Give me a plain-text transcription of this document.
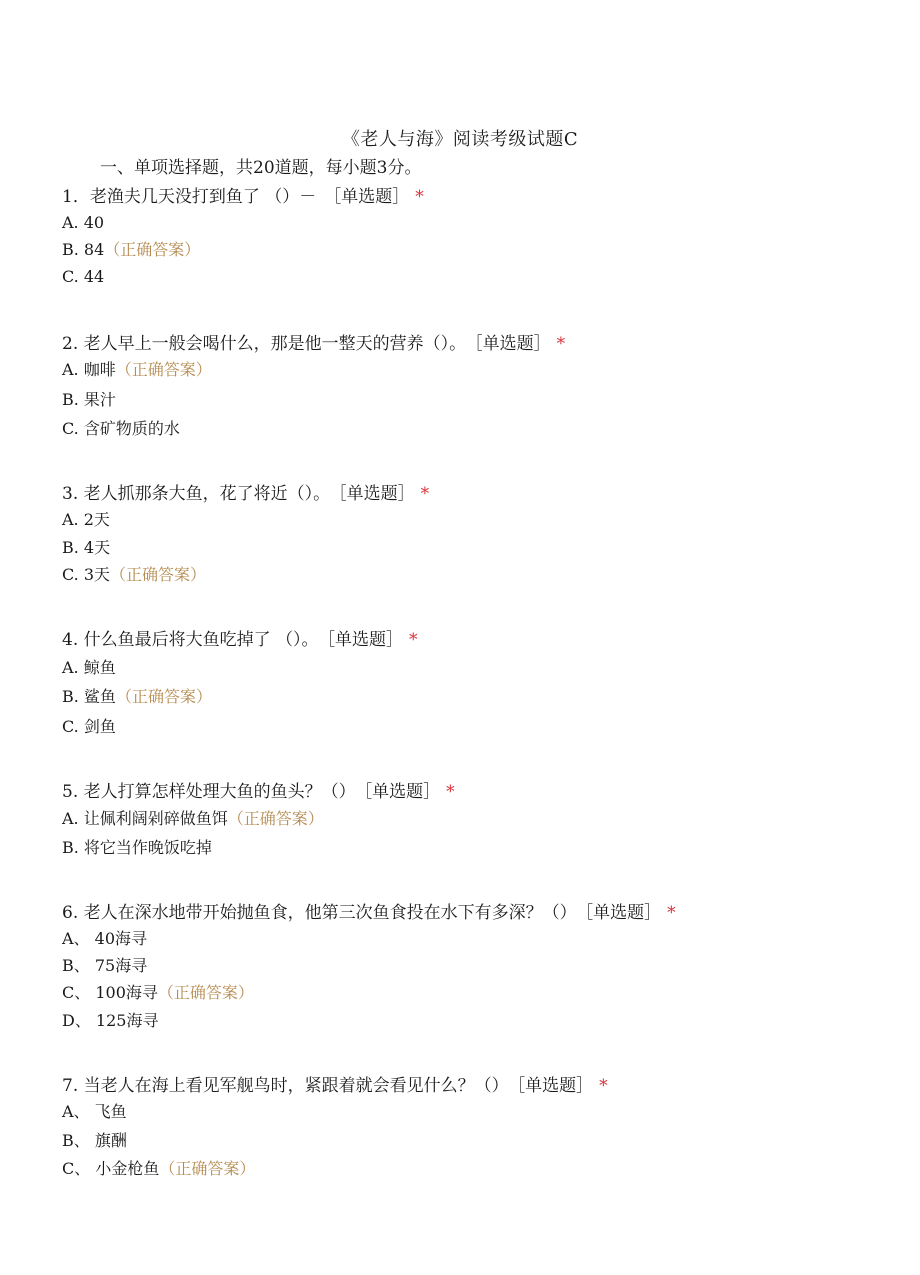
《老人与海》阅读考级试题C
一、单项选择题，共20道题，每小题3分。
1．老渔夫几天没打到鱼了 （）－ ［单选题］ *
A. 40
B. 84（正确答案）
C. 44
2. 老人早上一般会喝什么，那是他一整天的营养（）。 ［单选题］ *
A. 咖啡（正确答案）
B. 果汁
C. 含矿物质的水
3. 老人抓那条大鱼，花了将近（）。 ［单选题］ *
A. 2天
B. 4天
C. 3天（正确答案）
4. 什么鱼最后将大鱼吃掉了 （）。 ［单选题］ *
A. 鲸鱼
B. 鲨鱼（正确答案）
C. 剑鱼
5. 老人打算怎样处理大鱼的鱼头？（） ［单选题］ *
A. 让佩利阔剁碎做鱼饵（正确答案）
B. 将它当作晚饭吃掉
6. 老人在深水地带开始抛鱼食，他第三次鱼食投在水下有多深？（） ［单选题］ *
A、 40海寻
B、 75海寻
C、 100海寻（正确答案）
D、 125海寻
7. 当老人在海上看见军舰鸟时，紧跟着就会看见什么？（） ［单选题］ *
A、 飞鱼
B、 旗酬
C、 小金枪鱼（正确答案）
